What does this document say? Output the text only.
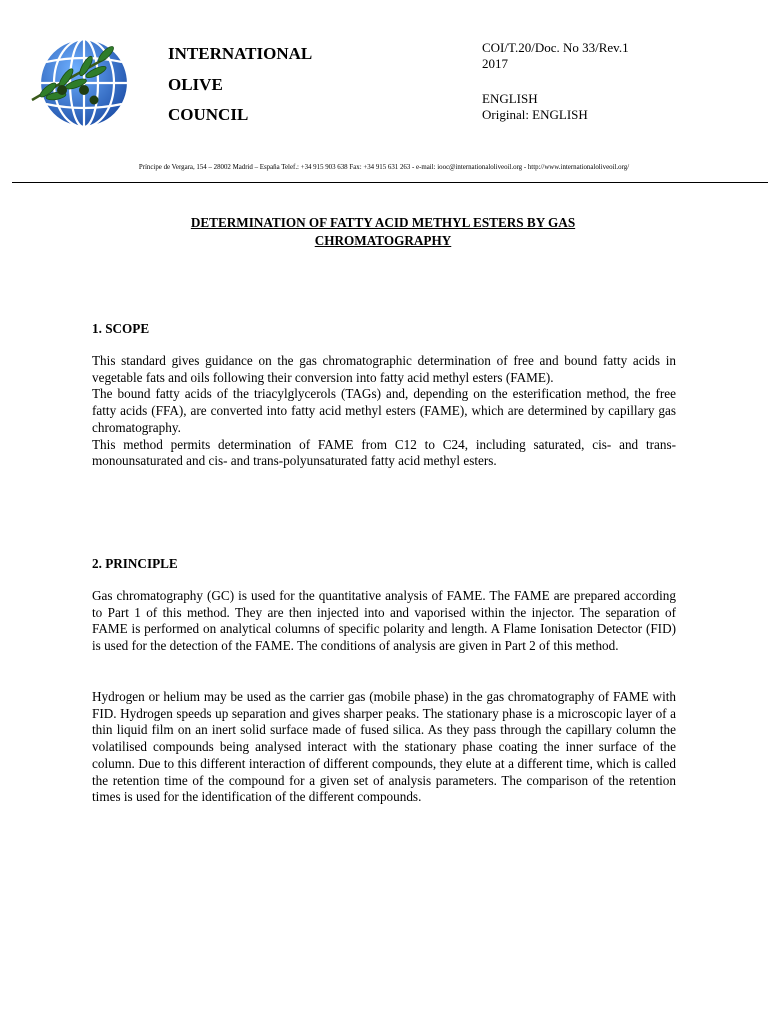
INTERNATIONAL
OLIVE
COUNCIL
COI/T.20/Doc. No 33/Rev.1
2017
ENGLISH
Original: ENGLISH
Príncipe de Vergara, 154 – 28002 Madrid – España Telef.: +34 915 903 638 Fax: +34 915 631 263 - e-mail: iooc@internationaloliveoil.org - http://www.internationaloliveoil.org/
DETERMINATION OF FATTY ACID METHYL ESTERS BY GAS
CHROMATOGRAPHY
1. SCOPE
This standard gives guidance on the gas chromatographic determination of free and bound fatty acids in vegetable fats and oils following their conversion into fatty acid methyl esters (FAME).
The bound fatty acids of the triacylglycerols (TAGs) and, depending on the esterification method, the free fatty acids (FFA), are converted into fatty acid methyl esters (FAME), which are determined by capillary gas chromatography.
This method permits determination of FAME from C12 to C24, including saturated, cis- and trans-monounsaturated and cis- and trans-polyunsaturated fatty acid methyl esters.
2. PRINCIPLE
Gas chromatography (GC) is used for the quantitative analysis of FAME. The FAME are prepared according to Part 1 of this method. They are then injected into and vaporised within the injector. The separation of FAME is performed on analytical columns of specific polarity and length. A Flame Ionisation Detector (FID) is used for the detection of the FAME. The conditions of analysis are given in Part 2 of this method.
Hydrogen or helium may be used as the carrier gas (mobile phase) in the gas chromatography of FAME with FID. Hydrogen speeds up separation and gives sharper peaks. The stationary phase is a microscopic layer of a thin liquid film on an inert solid surface made of fused silica. As they pass through the capillary column the volatilised compounds being analysed interact with the stationary phase coating the inner surface of the column. Due to this different interaction of different compounds, they elute at a different time, which is called the retention time of the compound for a given set of analysis parameters. The comparison of the retention times is used for the identification of the different compounds.
